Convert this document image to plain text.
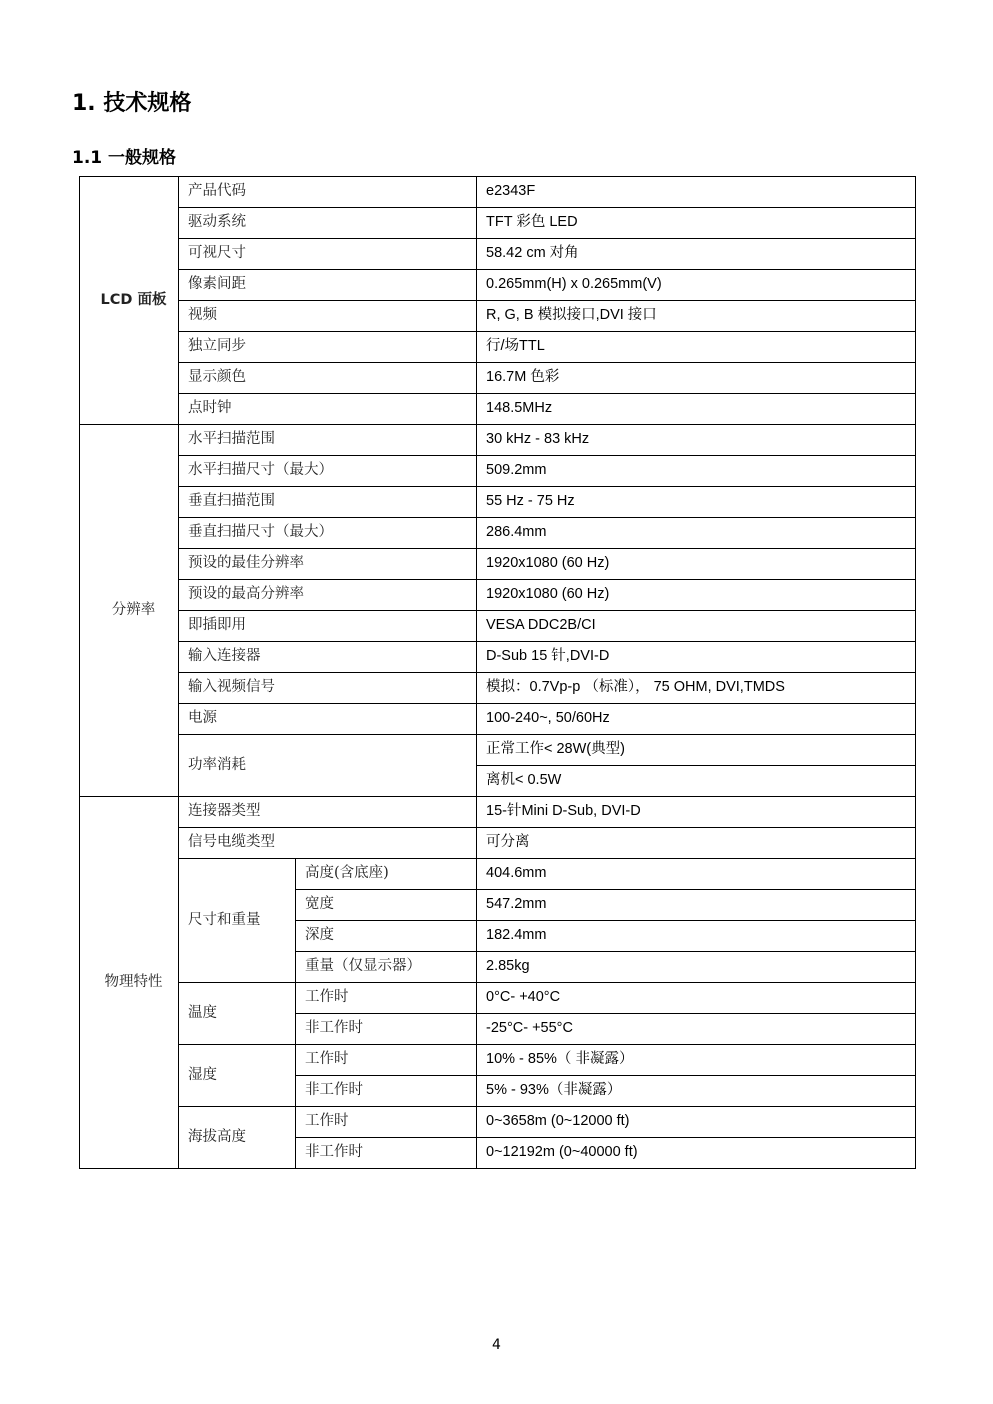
1. 技术规格
1.1 一般规格
LCD 面板	产品代码		e2343F
	驱动系统		TFT 彩色 LED
	可视尺寸		58.42 cm 对角
	像素间距		0.265mm(H) x 0.265mm(V)
	视频		R, G, B 模拟接口,DVI 接口
	独立同步		行/场TTL
	显示颜色		16.7M 色彩
	点时钟		148.5MHz
分辨率	水平扫描范围		30 kHz - 83 kHz
	水平扫描尺寸（最大）		509.2mm
	垂直扫描范围		55 Hz - 75 Hz
	垂直扫描尺寸（最大）		286.4mm
	预设的最佳分辨率		1920x1080 (60 Hz)
	预设的最高分辨率		1920x1080 (60 Hz)
	即插即用		VESA DDC2B/CI
	输入连接器		D-Sub 15 针,DVI-D
	输入视频信号		模拟：0.7Vp-p （标准）， 75 OHM, DVI,TMDS
	电源		100-240~, 50/60Hz
	功率消耗		正常工作< 28W(典型)
			离机< 0.5W
物理特性	连接器类型		15-针Mini D-Sub, DVI-D
	信号电缆类型		可分离
	尺寸和重量	高度(含底座)	404.6mm
		宽度	547.2mm
		深度	182.4mm
		重量（仅显示器）	2.85kg
	温度	工作时	0°C- +40°C
		非工作时	-25°C- +55°C
	湿度	工作时	10% - 85%（ 非凝露）
		非工作时	5% - 93%（非凝露）
	海拔高度	工作时	0~3658m (0~12000 ft)
		非工作时	0~12192m (0~40000 ft)
4
